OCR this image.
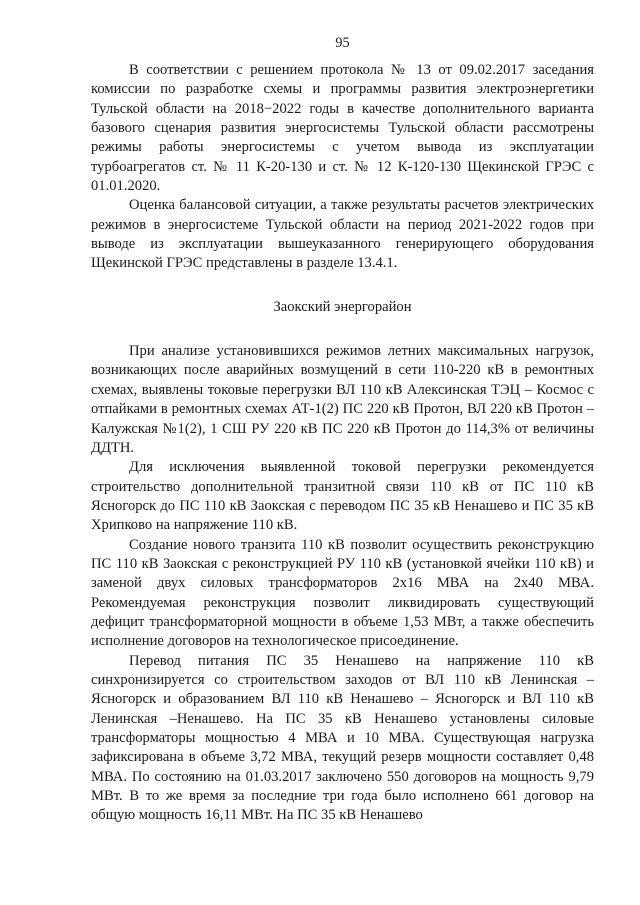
95

В соответствии с решением протокола № 13 от 09.02.2017 заседания комиссии по разработке схемы и программы развития электроэнергетики Тульской области на 2018−2022 годы в качестве дополнительного варианта базового сценария развития энергосистемы Тульской области рассмотрены режимы работы энергосистемы с учетом вывода из эксплуатации турбоагрегатов ст. № 11 К-20-130 и ст. № 12 К-120-130 Щекинской ГРЭС с 01.01.2020.

Оценка балансовой ситуации, а также результаты расчетов электрических режимов в энергосистеме Тульской области на период 2021-2022 годов при выводе из эксплуатации вышеуказанного генерирующего оборудования Щекинской ГРЭС представлены в разделе 13.4.1.

Заокский энергорайон

При анализе установившихся режимов летних максимальных нагрузок, возникающих после аварийных возмущений в сети 110-220 кВ в ремонтных схемах, выявлены токовые перегрузки ВЛ 110 кВ Алексинская ТЭЦ – Космос с отпайками в ремонтных схемах АТ-1(2) ПС 220 кВ Протон, ВЛ 220 кВ Протон – Калужская №1(2), 1 СШ РУ 220 кВ ПС 220 кВ Протон до 114,3% от величины ДДТН.

Для исключения выявленной токовой перегрузки рекомендуется строительство дополнительной транзитной связи 110 кВ от ПС 110 кВ Ясногорск до ПС 110 кВ Заокская с переводом ПС 35 кВ Ненашево и ПС 35 кВ Хрипково на напряжение 110 кВ.

Создание нового транзита 110 кВ позволит осуществить реконструкцию ПС 110 кВ Заокская с реконструкцией РУ 110 кВ (установкой ячейки 110 кВ) и заменой двух силовых трансформаторов 2х16 МВА на 2х40 МВА. Рекомендуемая реконструкция позволит ликвидировать существующий дефицит трансформаторной мощности в объеме 1,53 МВт, а также обеспечить исполнение договоров на технологическое присоединение.

Перевод питания ПС 35 Ненашево на напряжение 110 кВ синхронизируется со строительством заходов от ВЛ 110 кВ Ленинская – Ясногорск и образованием ВЛ 110 кВ Ненашево – Ясногорск и ВЛ 110 кВ Ленинская –Ненашево. На ПС 35 кВ Ненашево установлены силовые трансформаторы мощностью 4 МВА и 10 МВА. Существующая нагрузка зафиксирована в объеме 3,72 МВА, текущий резерв мощности составляет 0,48 МВА. По состоянию на 01.03.2017 заключено 550 договоров на мощность 9,79 МВт. В то же время за последние три года было исполнено 661 договор на общую мощность 16,11 МВт. На ПС 35 кВ Ненашево
